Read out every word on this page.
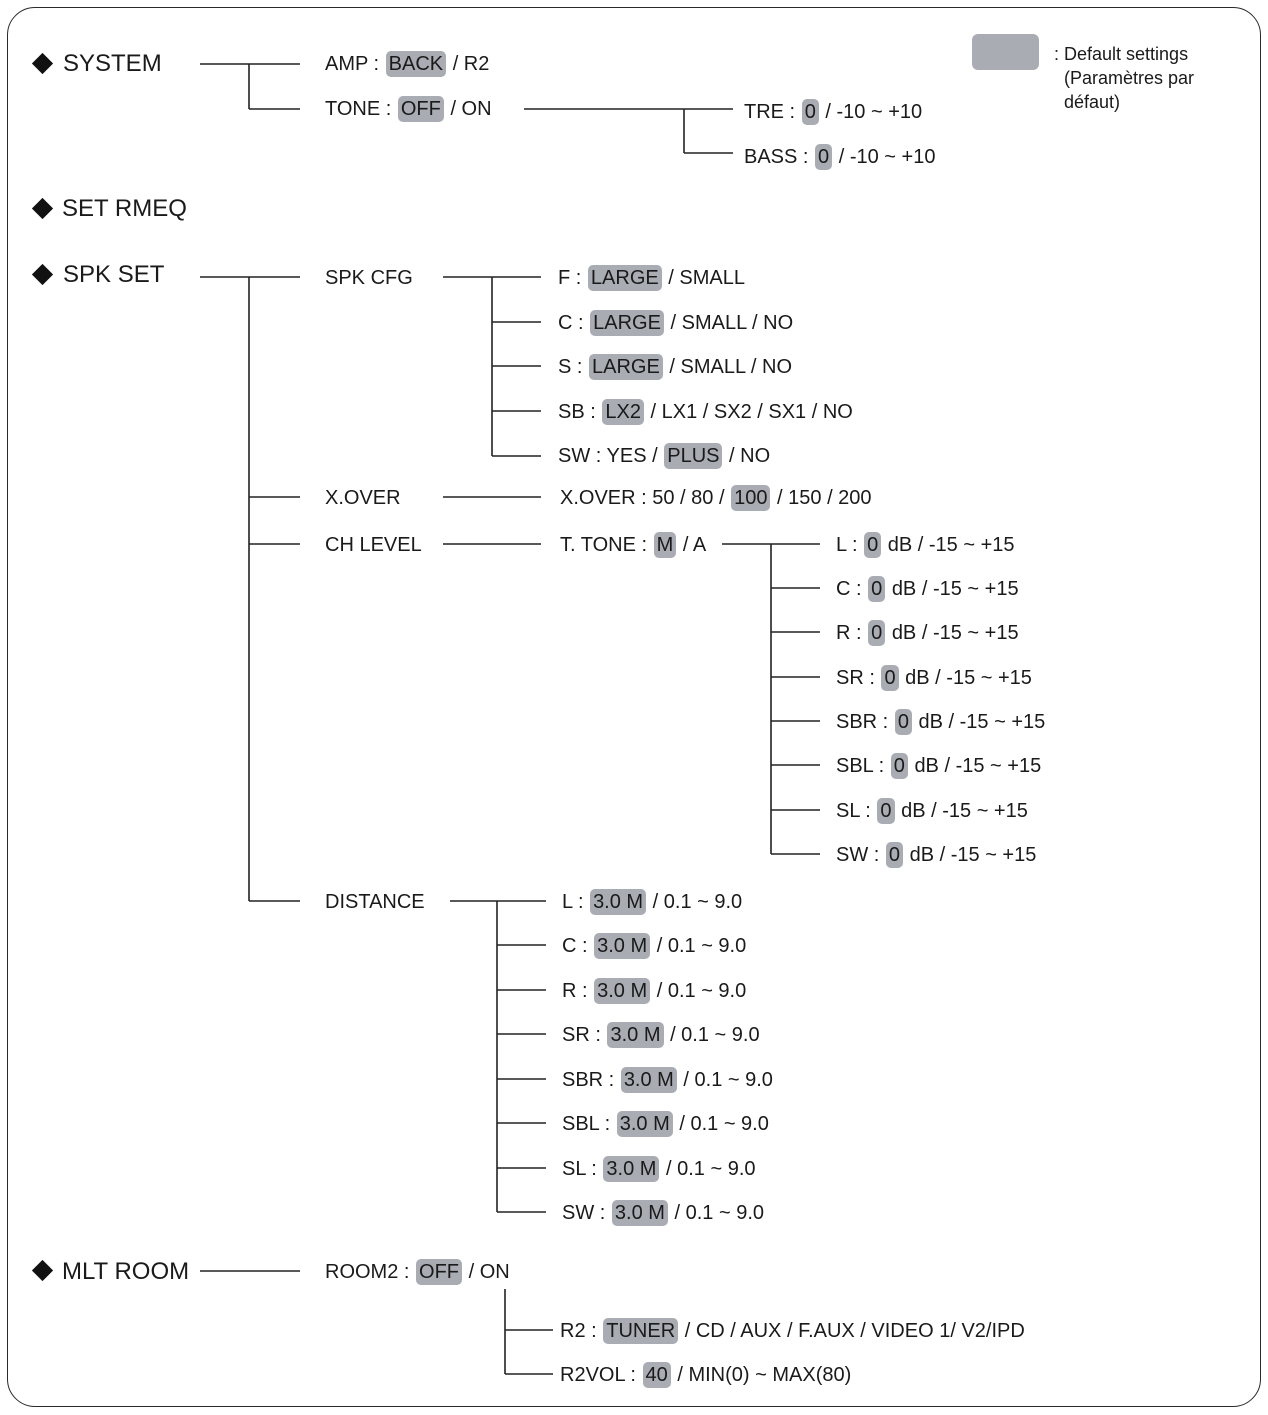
: Default settings
(Paramètres par
défaut)
SYSTEM
SET RMEQ
SPK SET
MLT ROOM
AMP : BACK / R2
TONE : OFF / ON	TRE : 0 / -10 ~ +10
BASS : 0 / -10 ~ +10
SPK CFG
X.OVER
CH LEVEL
DISTANCE
F : LARGE / SMALL
C : LARGE / SMALL / NO
S : LARGE / SMALL / NO
SB : LX2 / LX1 / SX2 / SX1 / NO
SW : YES / PLUS / NO
X.OVER : 50 / 80 / 100 / 150 / 200
T. TONE : M / A	L : 0 dB / -15 ~ +15
C : 0 dB / -15 ~ +15
R : 0 dB / -15 ~ +15
SR : 0 dB / -15 ~ +15
SBR : 0 dB / -15 ~ +15
SBL : 0 dB / -15 ~ +15
SL : 0 dB / -15 ~ +15
SW : 0 dB / -15 ~ +15
L : 3.0 M / 0.1 ~ 9.0
C : 3.0 M / 0.1 ~ 9.0
R : 3.0 M / 0.1 ~ 9.0
SR : 3.0 M / 0.1 ~ 9.0
SBR : 3.0 M / 0.1 ~ 9.0
SBL : 3.0 M / 0.1 ~ 9.0
SL : 3.0 M / 0.1 ~ 9.0
SW : 3.0 M / 0.1 ~ 9.0
ROOM2 : OFF / ON
R2 : TUNER / CD / AUX / F.AUX / VIDEO 1/ V2/IPD
R2VOL : 40 / MIN(0) ~ MAX(80)
